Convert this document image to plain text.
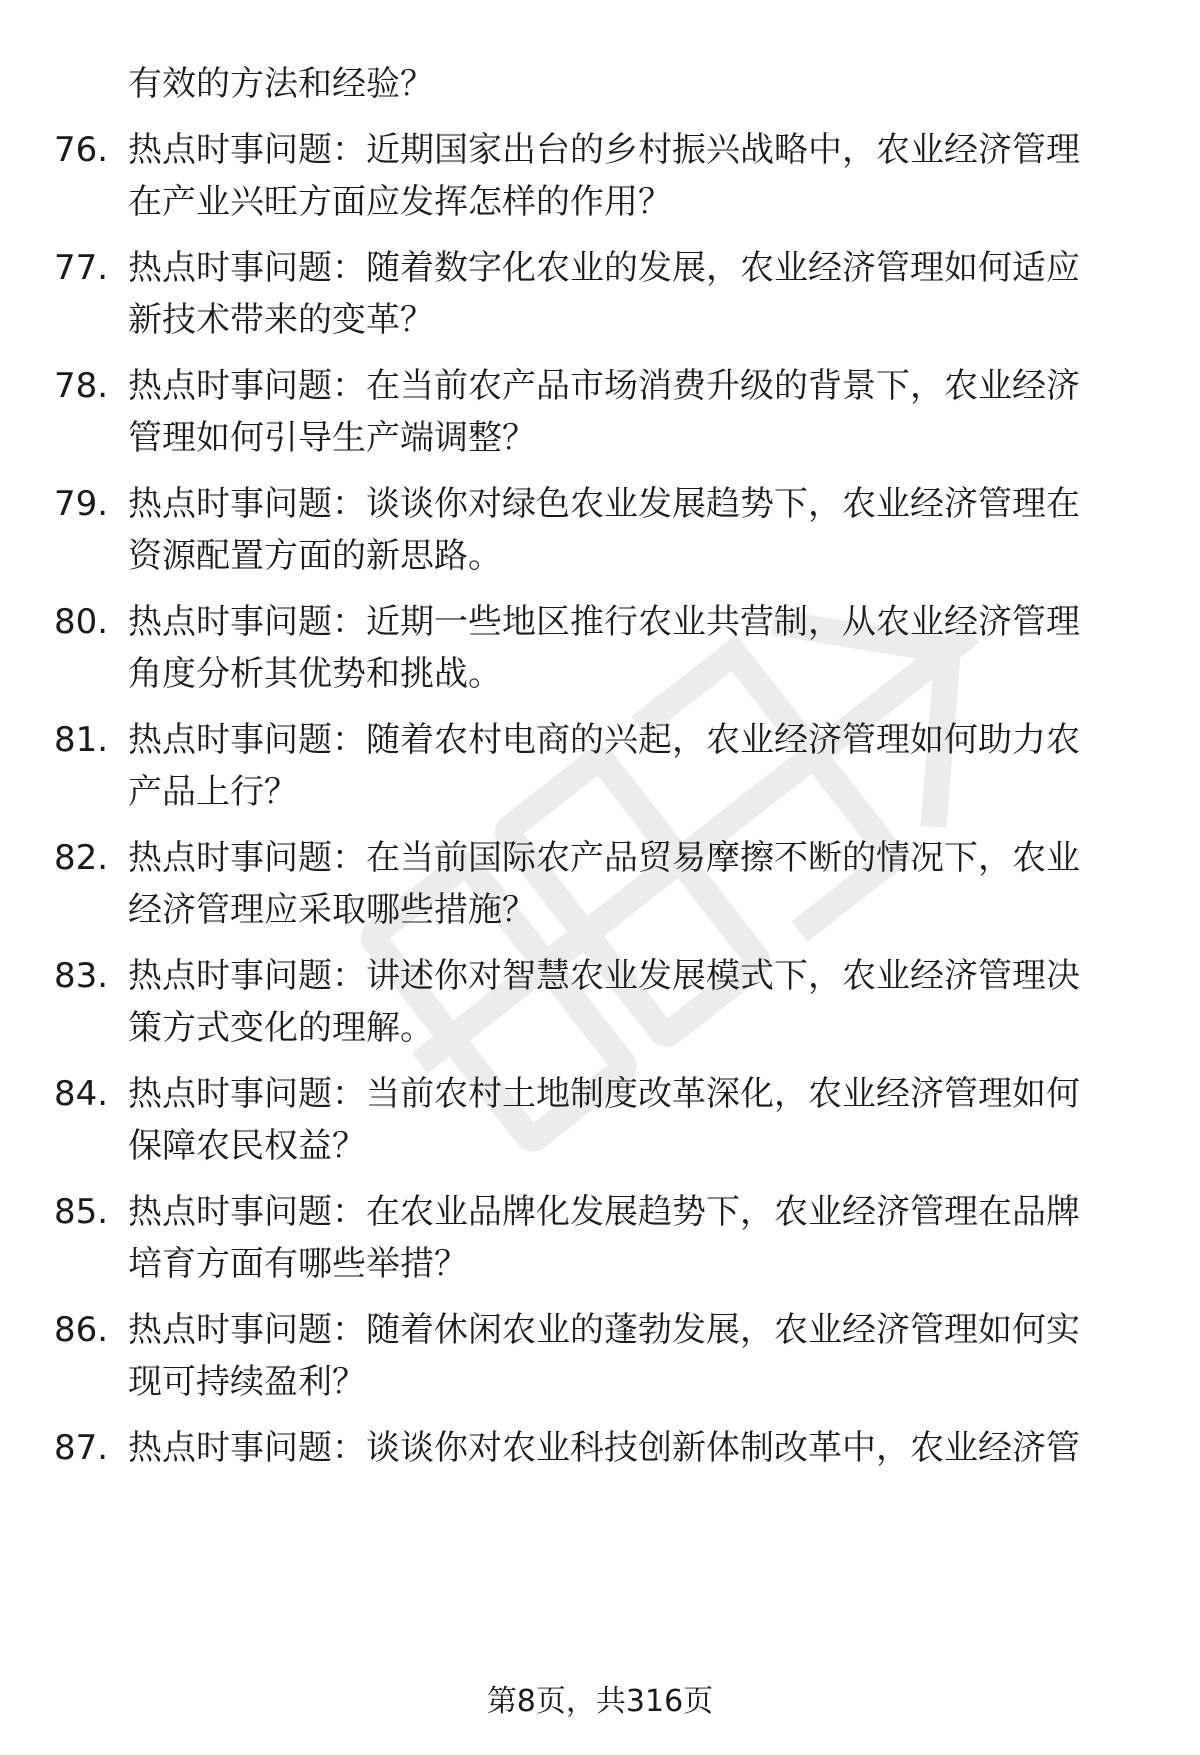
有效的方法和经验？
76. 热点时事问题：近期国家出台的乡村振兴战略中，农业经济管理
在产业兴旺方面应发挥怎样的作用？
77. 热点时事问题：随着数字化农业的发展，农业经济管理如何适应
新技术带来的变革？
78. 热点时事问题：在当前农产品市场消费升级的背景下，农业经济
管理如何引导生产端调整？
79. 热点时事问题：谈谈你对绿色农业发展趋势下，农业经济管理在
资源配置方面的新思路。
80. 热点时事问题：近期一些地区推行农业共营制，从农业经济管理
角度分析其优势和挑战。
81. 热点时事问题：随着农村电商的兴起，农业经济管理如何助力农
产品上行？
82. 热点时事问题：在当前国际农产品贸易摩擦不断的情况下，农业
经济管理应采取哪些措施？
83. 热点时事问题：讲述你对智慧农业发展模式下，农业经济管理决
策方式变化的理解。
84. 热点时事问题：当前农村土地制度改革深化，农业经济管理如何
保障农民权益？
85. 热点时事问题：在农业品牌化发展趋势下，农业经济管理在品牌
培育方面有哪些举措？
86. 热点时事问题：随着休闲农业的蓬勃发展，农业经济管理如何实
现可持续盈利？
87. 热点时事问题：谈谈你对农业科技创新体制改革中，农业经济管
第8页，共316页
